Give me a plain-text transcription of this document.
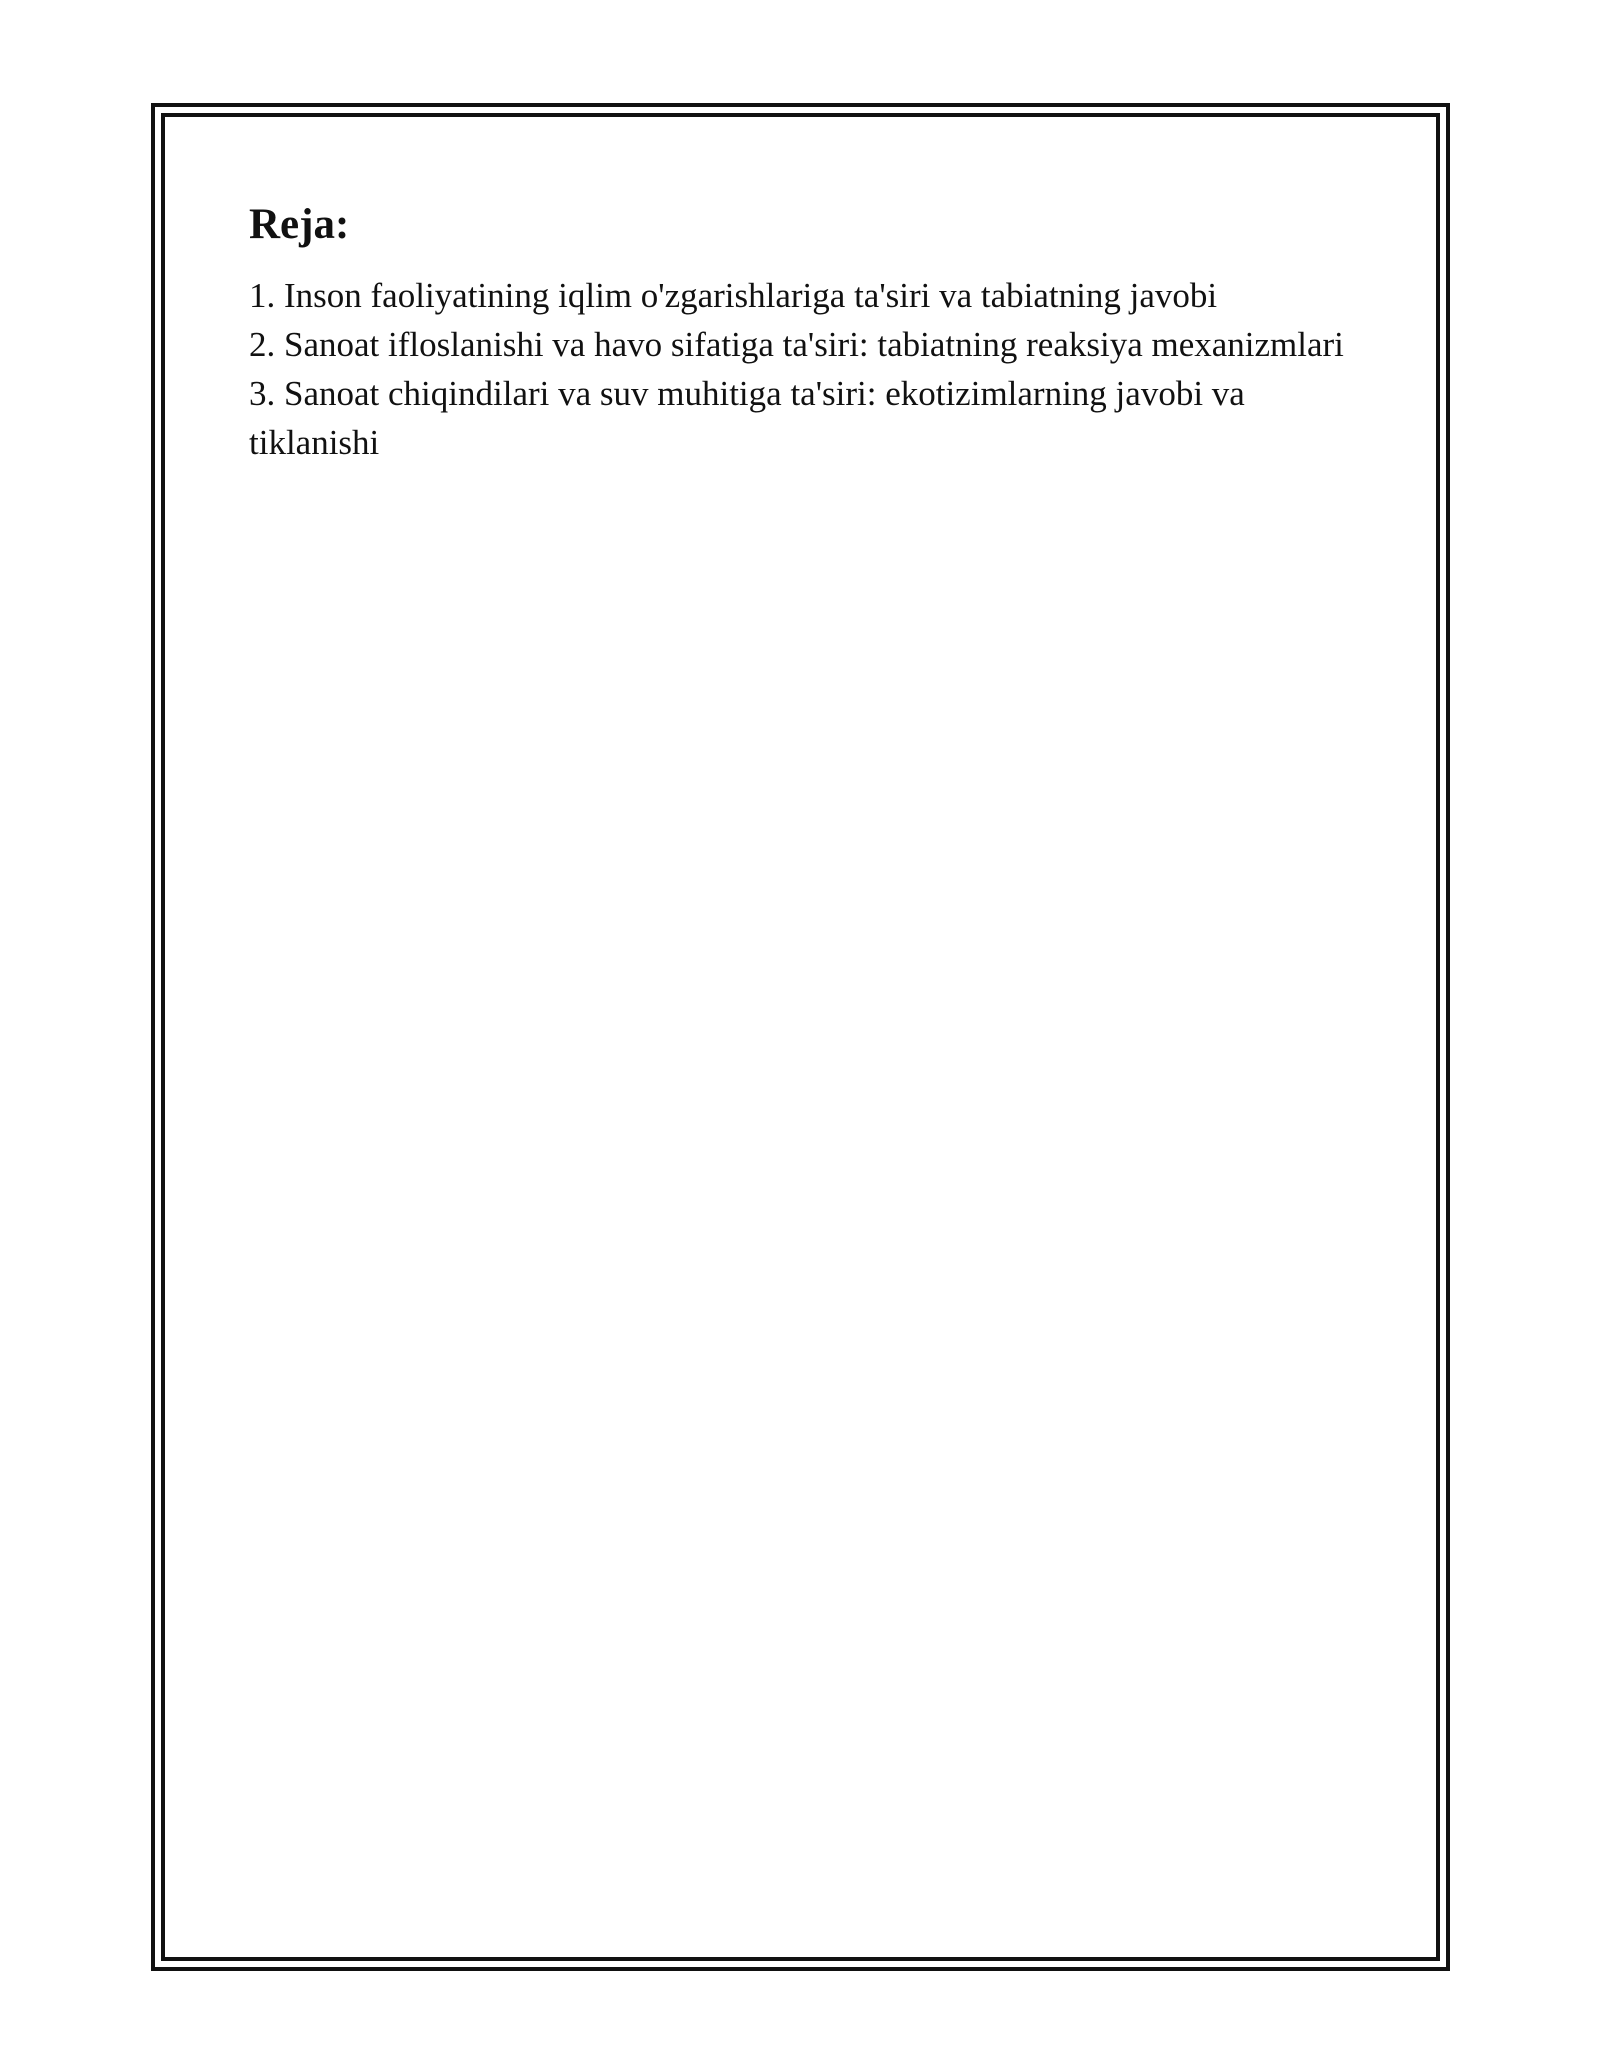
Reja:
1. Inson faoliyatining iqlim o'zgarishlariga ta'siri va tabiatning javobi
2. Sanoat ifloslanishi va havo sifatiga ta'siri: tabiatning reaksiya mexanizmlari
3. Sanoat chiqindilari va suv muhitiga ta'siri: ekotizimlarning javobi va tiklanishi
